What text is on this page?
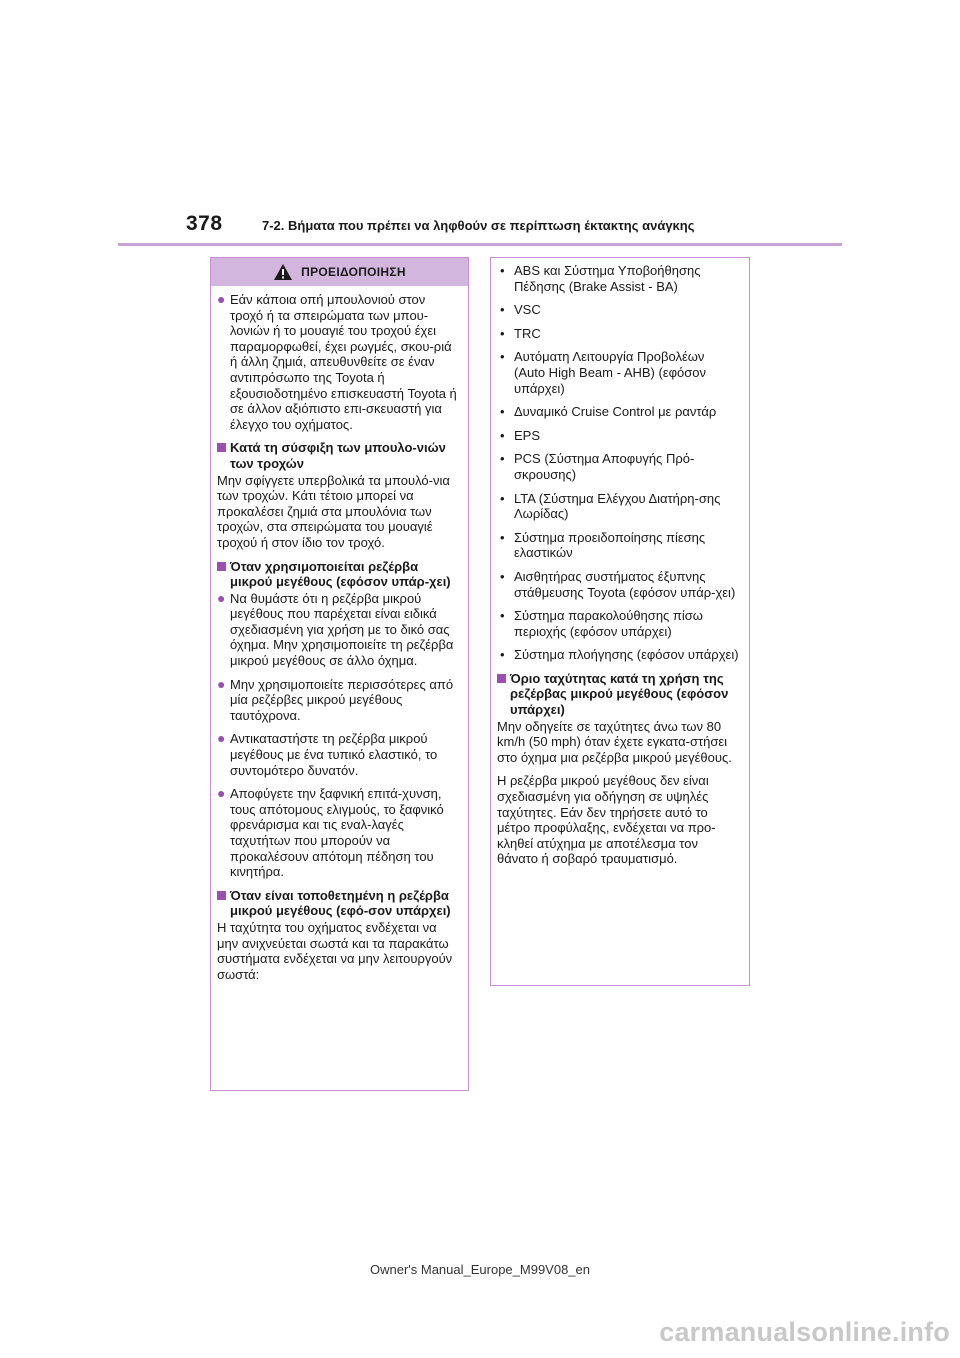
378	7-2. Βήματα που πρέπει να ληφθούν σε περίπτωση έκτακτης ανάγκης
ΠΡΟΕΙΔΟΠΟΙΗΣΗ
● Εάν κάποια οπή μπουλονιού στον τροχό ή τα σπειρώματα των μπου-λονιών ή το μουαγιέ του τροχού έχει παραμορφωθεί, έχει ρωγμές, σκου-ριά ή άλλη ζημιά, απευθυνθείτε σε έναν αντιπρόσωπο της Toyota ή εξουσιοδοτημένο επισκευαστή Toyota ή σε άλλον αξιόπιστο επι-σκευαστή για έλεγχο του οχήματος.

Κατά τη σύσφιξη των μπουλο-νιών των τροχών

Μην σφίγγετε υπερβολικά τα μπουλό-νια των τροχών. Κάτι τέτοιο μπορεί να προκαλέσει ζημιά στα μπουλόνια των τροχών, στα σπειρώματα του μουαγιέ τροχού ή στον ίδιο τον τροχό.

Όταν χρησιμοποιείται ρεζέρβα μικρού μεγέθους (εφόσον υπάρ-χει)

● Να θυμάστε ότι η ρεζέρβα μικρού μεγέθους που παρέχεται είναι ειδικά σχεδιασμένη για χρήση με το δικό σας όχημα. Μην χρησιμοποιείτε τη ρεζέρβα μικρού μεγέθους σε άλλο όχημα.

● Μην χρησιμοποιείτε περισσότερες από μία ρεζέρβες μικρού μεγέθους ταυτόχρονα.

● Αντικαταστήστε τη ρεζέρβα μικρού μεγέθους με ένα τυπικό ελαστικό, το συντομότερο δυνατόν.

● Αποφύγετε την ξαφνική επιτά-χυνση, τους απότομους ελιγμούς, το ξαφνικό φρενάρισμα και τις εναλ-λαγές ταχυτήτων που μπορούν να προκαλέσουν απότομη πέδηση του κινητήρα.

Όταν είναι τοποθετημένη η ρεζέρβα μικρού μεγέθους (εφό-σον υπάρχει)

Η ταχύτητα του οχήματος ενδέχεται να μην ανιχνεύεται σωστά και τα παρακάτω συστήματα ενδέχεται να μην λειτουργούν σωστά:

• ABS και Σύστημα Υποβοήθησης Πέδησης (Brake Assist - BA)

• VSC

• TRC

• Αυτόματη Λειτουργία Προβολέων (Auto High Beam - AHB) (εφόσον υπάρχει)

• Δυναμικό Cruise Control με ραντάρ

• EPS

• PCS (Σύστημα Αποφυγής Πρό-σκρουσης)

• LTA (Σύστημα Ελέγχου Διατήρη-σης Λωρίδας)

• Σύστημα προειδοποίησης πίεσης ελαστικών

• Αισθητήρας συστήματος έξυπνης στάθμευσης Toyota (εφόσον υπάρ-χει)

• Σύστημα παρακολούθησης πίσω περιοχής (εφόσον υπάρχει)

• Σύστημα πλοήγησης (εφόσον υπάρχει)

Όριο ταχύτητας κατά τη χρήση της ρεζέρβας μικρού μεγέθους (εφόσον υπάρχει)

Μην οδηγείτε σε ταχύτητες άνω των 80 km/h (50 mph) όταν έχετε εγκατα-στήσει στο όχημα μια ρεζέρβα μικρού μεγέθους.

Η ρεζέρβα μικρού μεγέθους δεν είναι σχεδιασμένη για οδήγηση σε υψηλές ταχύτητες. Εάν δεν τηρήσετε αυτό το μέτρο προφύλαξης, ενδέχεται να προ-κληθεί ατύχημα με αποτέλεσμα τον θάνατο ή σοβαρό τραυματισμό.

Owner's Manual_Europe_M99V08_en
carmanualsonline.info
